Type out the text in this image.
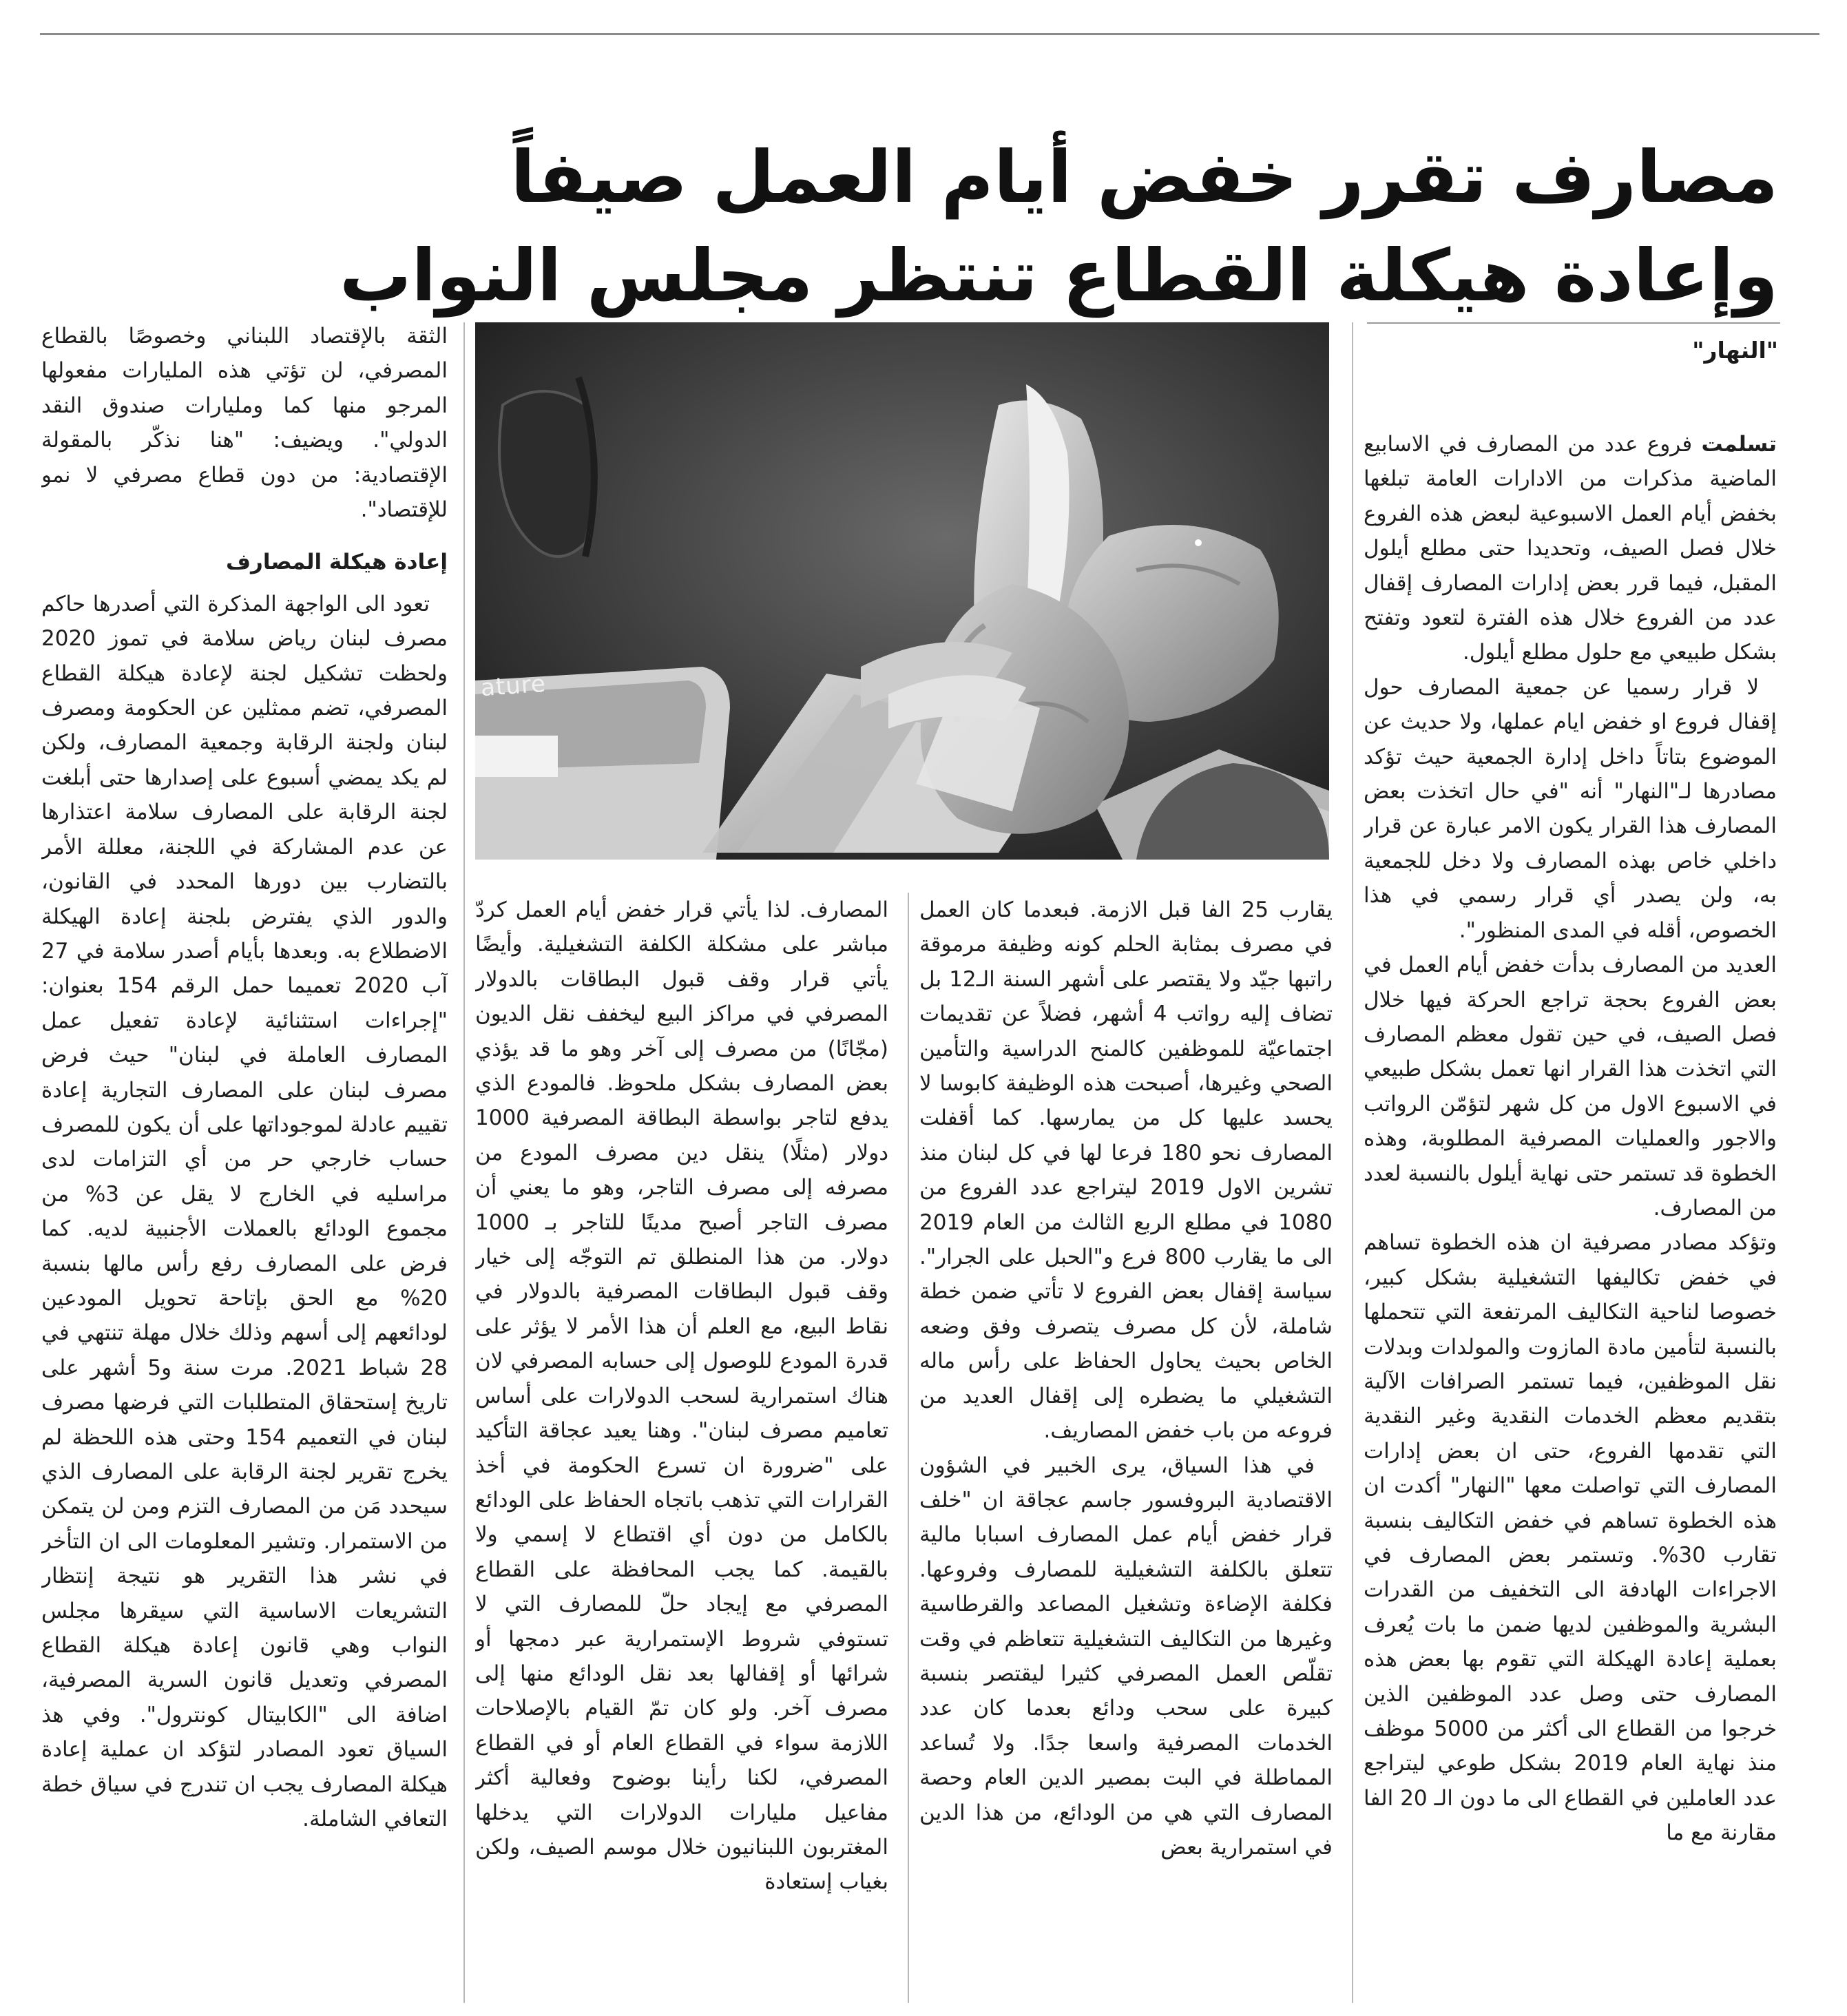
مصارف تقرر خفض أيام العمل صيفاً
وإعادة هيكلة القطاع تنتظر مجلس النواب
"النهار"
ature

تسلمت فروع عدد من المصارف في الاسابيع الماضية مذكرات من الادارات العامة تبلغها بخفض أيام العمل الاسبوعية لبعض هذه الفروع خلال فصل الصيف، وتحديدا حتى مطلع أيلول المقبل، فيما قرر بعض إدارات المصارف إقفال عدد من الفروع خلال هذه الفترة لتعود وتفتح بشكل طبيعي مع حلول مطلع أيلول.

لا قرار رسميا عن جمعية المصارف حول إقفال فروع او خفض ايام عملها، ولا حديث عن الموضوع بتاتاً داخل إدارة الجمعية حيث تؤكد مصادرها لـ"النهار" أنه "في حال اتخذت بعض المصارف هذا القرار يكون الامر عبارة عن قرار داخلي خاص بهذه المصارف ولا دخل للجمعية به، ولن يصدر أي قرار رسمي في هذا الخصوص، أقله في المدى المنظور".

العديد من المصارف بدأت خفض أيام العمل في بعض الفروع بحجة تراجع الحركة فيها خلال فصل الصيف، في حين تقول معظم المصارف التي اتخذت هذا القرار انها تعمل بشكل طبيعي في الاسبوع الاول من كل شهر لتؤمّن الرواتب والاجور والعمليات المصرفية المطلوبة، وهذه الخطوة قد تستمر حتى نهاية أيلول بالنسبة لعدد من المصارف.

وتؤكد مصادر مصرفية ان هذه الخطوة تساهم في خفض تكاليفها التشغيلية بشكل كبير، خصوصا لناحية التكاليف المرتفعة التي تتحملها بالنسبة لتأمين مادة المازوت والمولدات وبدلات نقل الموظفين، فيما تستمر الصرافات الآلية بتقديم معظم الخدمات النقدية وغير النقدية التي تقدمها الفروع، حتى ان بعض إدارات المصارف التي تواصلت معها "النهار" أكدت ان هذه الخطوة تساهم في خفض التكاليف بنسبة تقارب 30%. وتستمر بعض المصارف في الاجراءات الهادفة الى التخفيف من القدرات البشرية والموظفين لديها ضمن ما بات يُعرف بعملية إعادة الهيكلة التي تقوم بها بعض هذه المصارف حتى وصل عدد الموظفين الذين خرجوا من القطاع الى أكثر من 5000 موظف منذ نهاية العام 2019 بشكل طوعي ليتراجع عدد العاملين في القطاع الى ما دون الـ 20 الفا مقارنة مع ما

يقارب 25 الفا قبل الازمة. فبعدما كان العمل في مصرف بمثابة الحلم كونه وظيفة مرموقة راتبها جيّد ولا يقتصر على أشهر السنة الـ12 بل تضاف إليه رواتب 4 أشهر، فضلاً عن تقديمات اجتماعيّة للموظفين كالمنح الدراسية والتأمين الصحي وغيرها، أصبحت هذه الوظيفة كابوسا لا يحسد عليها كل من يمارسها. كما أقفلت المصارف نحو 180 فرعا لها في كل لبنان منذ تشرين الاول 2019 ليتراجع عدد الفروع من 1080 في مطلع الربع الثالث من العام 2019 الى ما يقارب 800 فرع و"الحبل على الجرار". سياسة إقفال بعض الفروع لا تأتي ضمن خطة شاملة، لأن كل مصرف يتصرف وفق وضعه الخاص بحيث يحاول الحفاظ على رأس ماله التشغيلي ما يضطره إلى إقفال العديد من فروعه من باب خفض المصاريف.

في هذا السياق، يرى الخبير في الشؤون الاقتصادية البروفسور جاسم عجاقة ان "خلف قرار خفض أيام عمل المصارف اسبابا مالية تتعلق بالكلفة التشغيلية للمصارف وفروعها. فكلفة الإضاءة وتشغيل المصاعد والقرطاسية وغيرها من التكاليف التشغيلية تتعاظم في وقت تقلّص العمل المصرفي كثيرا ليقتصر بنسبة كبيرة على سحب ودائع بعدما كان عدد الخدمات المصرفية واسعا جدًا. ولا تُساعد المماطلة في البت بمصير الدين العام وحصة المصارف التي هي من الودائع، من هذا الدين في استمرارية بعض

المصارف. لذا يأتي قرار خفض أيام العمل كردّ مباشر على مشكلة الكلفة التشغيلية. وأيضًا يأتي قرار وقف قبول البطاقات بالدولار المصرفي في مراكز البيع ليخفف نقل الديون (مجّانًا) من مصرف إلى آخر وهو ما قد يؤذي بعض المصارف بشكل ملحوظ. فالمودع الذي يدفع لتاجر بواسطة البطاقة المصرفية 1000 دولار (مثلًا) ينقل دين مصرف المودع من مصرفه إلى مصرف التاجر، وهو ما يعني أن مصرف التاجر أصبح مدينًا للتاجر بـ 1000 دولار. من هذا المنطلق تم التوجّه إلى خيار وقف قبول البطاقات المصرفية بالدولار في نقاط البيع، مع العلم أن هذا الأمر لا يؤثر على قدرة المودع للوصول إلى حسابه المصرفي لان هناك استمرارية لسحب الدولارات على أساس تعاميم مصرف لبنان". وهنا يعيد عجاقة التأكيد على "ضرورة ان تسرع الحكومة في أخذ القرارات التي تذهب باتجاه الحفاظ على الودائع بالكامل من دون أي اقتطاع لا إسمي ولا بالقيمة. كما يجب المحافظة على القطاع المصرفي مع إيجاد حلّ للمصارف التي لا تستوفي شروط الإستمرارية عبر دمجها أو شرائها أو إقفالها بعد نقل الودائع منها إلى مصرف آخر. ولو كان تمّ القيام بالإصلاحات اللازمة سواء في القطاع العام أو في القطاع المصرفي، لكنا رأينا بوضوح وفعالية أكثر مفاعيل مليارات الدولارات التي يدخلها المغتربون اللبنانيون خلال موسم الصيف، ولكن بغياب إستعادة

الثقة بالإقتصاد اللبناني وخصوصًا بالقطاع المصرفي، لن تؤتي هذه المليارات مفعولها المرجو منها كما وملیارات صندوق النقد الدولي". ويضيف: "هنا نذكّر بالمقولة الإقتصادية: من دون قطاع مصرفي لا نمو للإقتصاد".

إعادة هيكلة المصارف

تعود الى الواجهة المذكرة التي أصدرها حاكم مصرف لبنان رياض سلامة في تموز 2020 ولحظت تشكيل لجنة لإعادة هيكلة القطاع المصرفي، تضم ممثلين عن الحكومة ومصرف لبنان ولجنة الرقابة وجمعية المصارف، ولكن لم يكد يمضي أسبوع على إصدارها حتى أبلغت لجنة الرقابة على المصارف سلامة اعتذارها عن عدم المشاركة في اللجنة، معللة الأمر بالتضارب بين دورها المحدد في القانون، والدور الذي يفترض بلجنة إعادة الهيكلة الاضطلاع به. وبعدها بأيام أصدر سلامة في 27 آب 2020 تعميما حمل الرقم 154 بعنوان: "إجراءات استثنائية لإعادة تفعيل عمل المصارف العاملة في لبنان" حيث فرض مصرف لبنان على المصارف التجارية إعادة تقييم عادلة لموجوداتها على أن يكون للمصرف حساب خارجي حر من أي التزامات لدى مراسليه في الخارج لا يقل عن 3% من مجموع الودائع بالعملات الأجنبية لديه. كما فرض على المصارف رفع رأس مالها بنسبة 20% مع الحق بإتاحة تحويل المودعين لودائعهم إلى أسهم وذلك خلال مهلة تنتهي في 28 شباط 2021. مرت سنة و5 أشهر على تاريخ إستحقاق المتطلبات التي فرضها مصرف لبنان في التعميم 154 وحتى هذه اللحظة لم يخرج تقرير لجنة الرقابة على المصارف الذي سيحدد مَن من المصارف التزم ومن لن يتمكن من الاستمرار. وتشير المعلومات الى ان التأخر في نشر هذا التقرير هو نتيجة إنتظار التشريعات الاساسية التي سيقرها مجلس النواب وهي قانون إعادة هيكلة القطاع المصرفي وتعديل قانون السرية المصرفية، اضافة الى "الكابيتال كونترول". وفي هذ السياق تعود المصادر لتؤكد ان عملية إعادة هيكلة المصارف يجب ان تندرج في سياق خطة التعافي الشاملة.
